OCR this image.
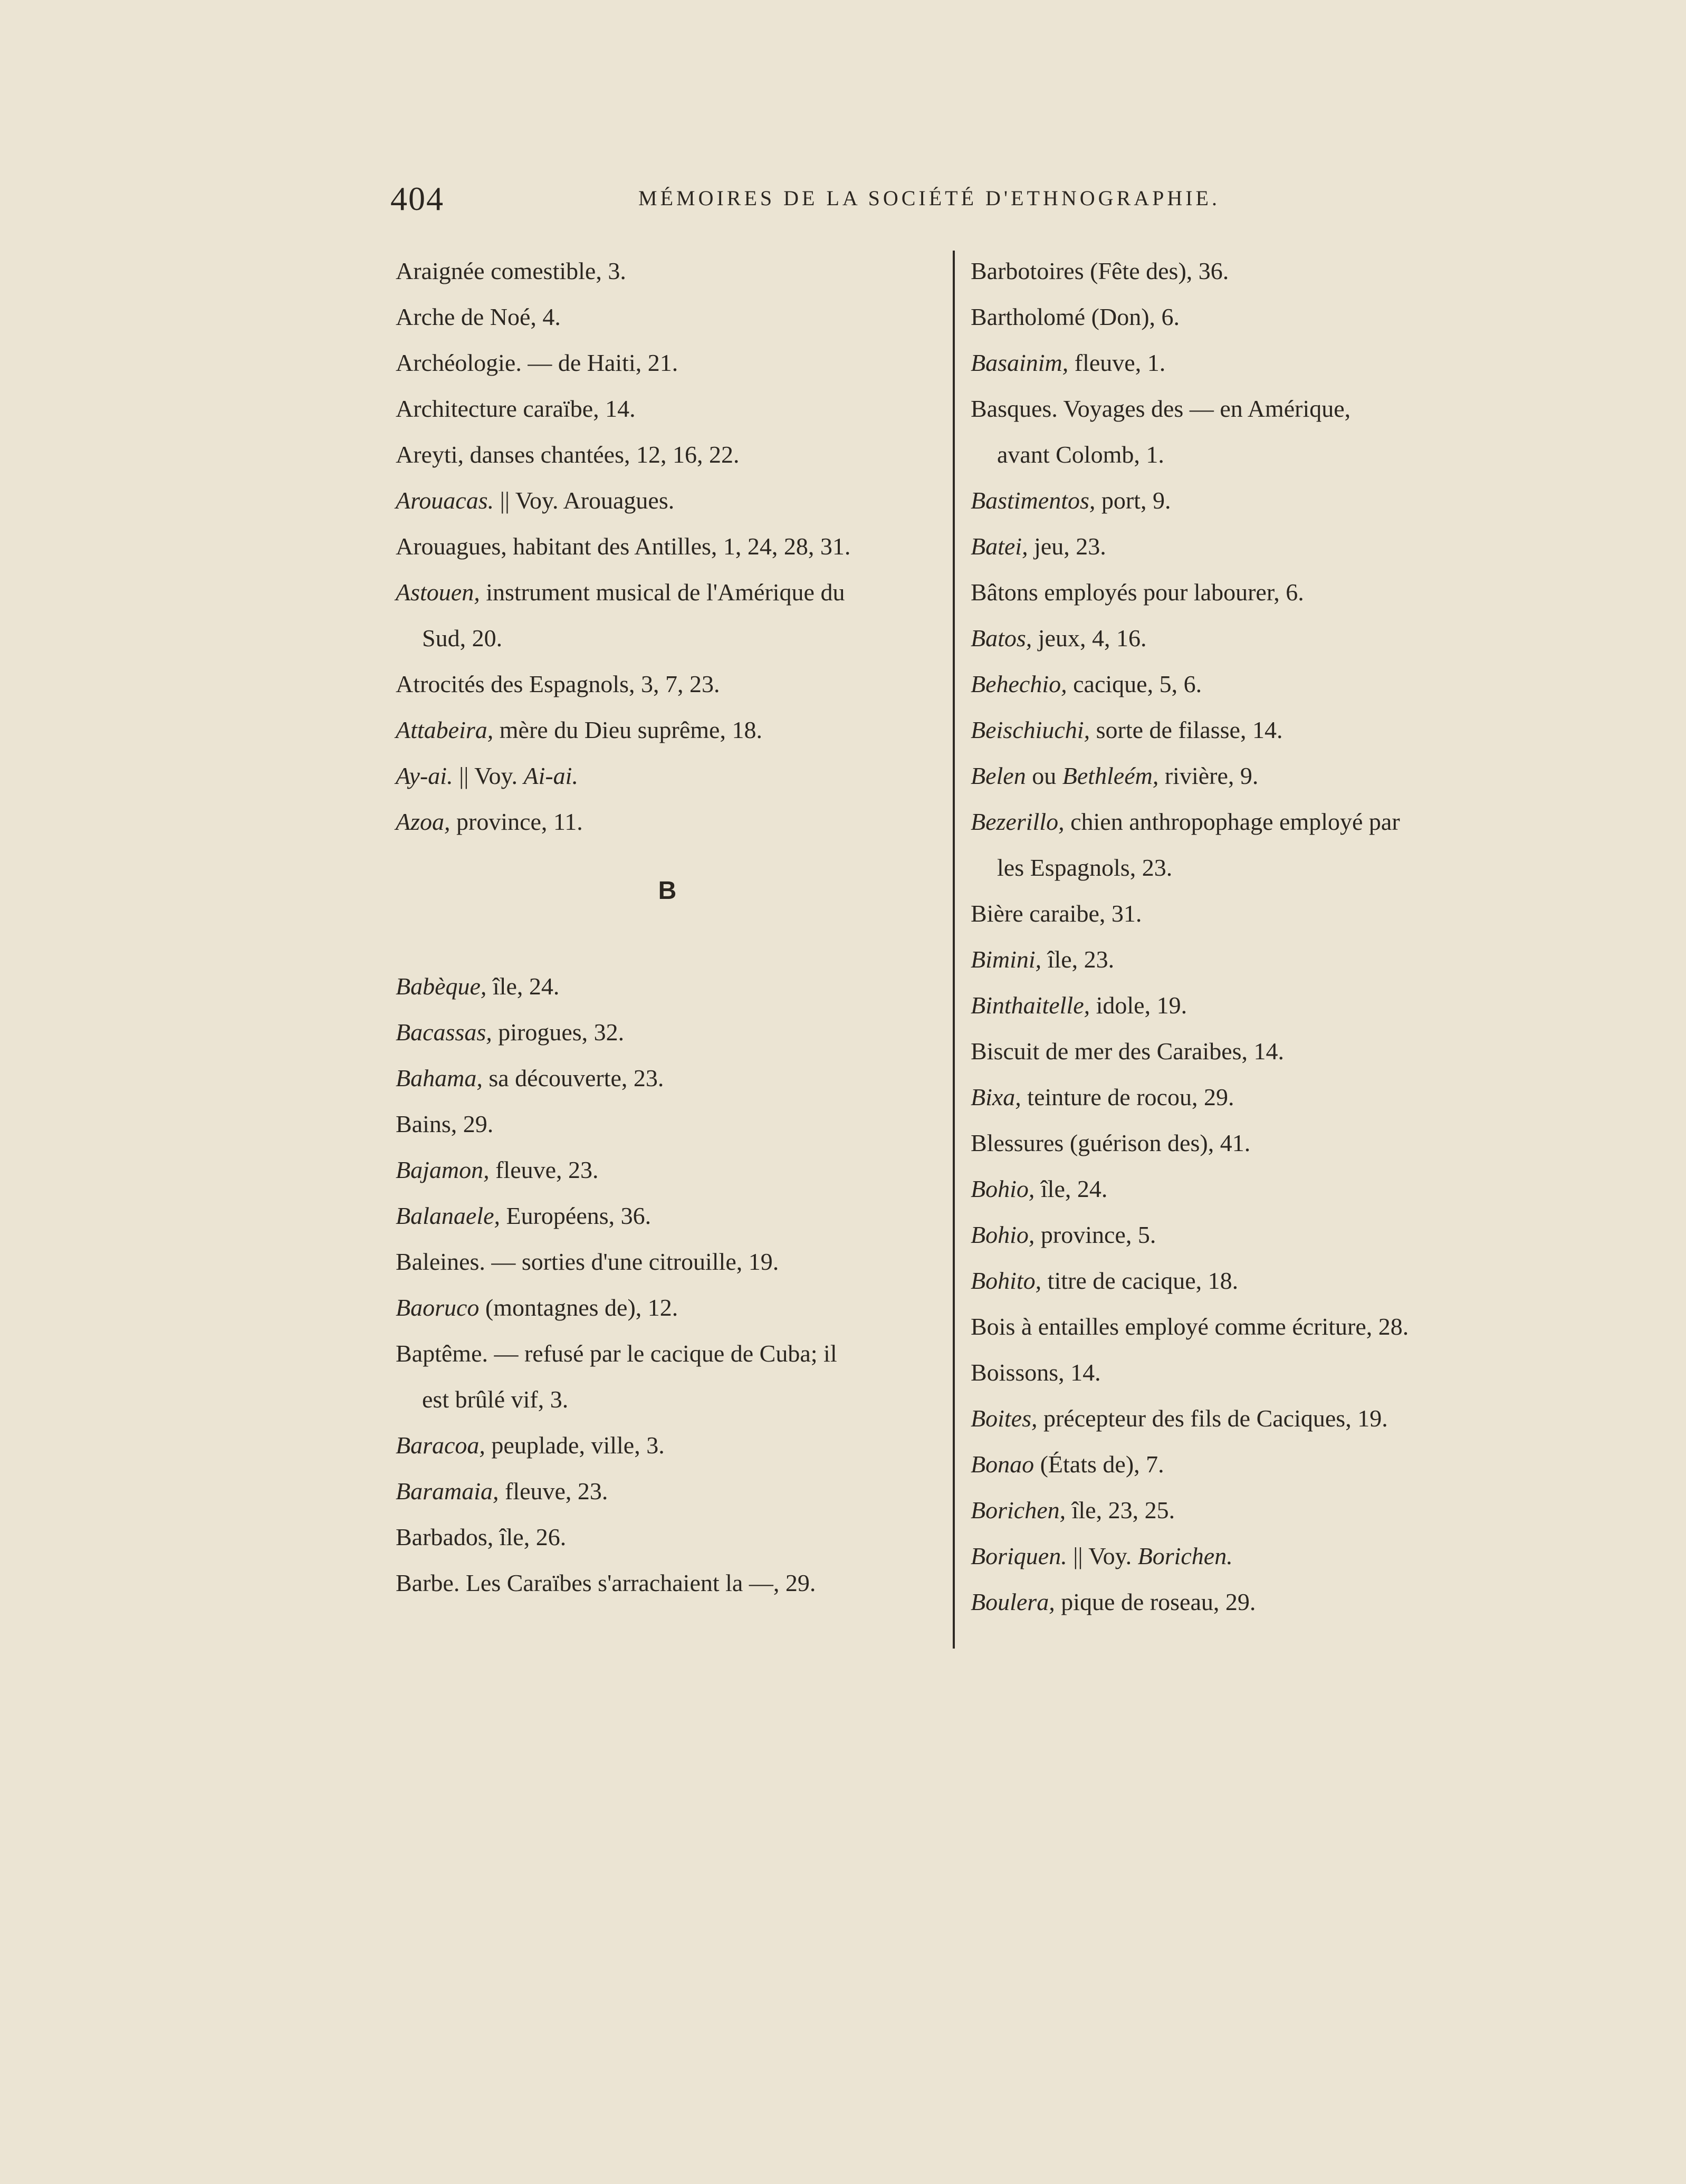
404	MÉMOIRES DE LA SOCIÉTÉ D'ETHNOGRAPHIE.
Araignée comestible, 3.
Arche de Noé, 4.
Archéologie. — de Haiti, 21.
Architecture caraïbe, 14.
Areyti, danses chantées, 12, 16, 22.
Arouacas. || Voy. Arouagues.
Arouagues, habitant des Antilles, 1, 24, 28, 31.
Astouen, instrument musical de l'Amérique du
Sud, 20.
Atrocités des Espagnols, 3, 7, 23.
Attabeira, mère du Dieu suprême, 18.
Ay-ai. || Voy. Ai-ai.
Azoa, province, 11.
B
Babèque, île, 24.
Bacassas, pirogues, 32.
Bahama, sa découverte, 23.
Bains, 29.
Bajamon, fleuve, 23.
Balanaele, Européens, 36.
Baleines. — sorties d'une citrouille, 19.
Baoruco (montagnes de), 12.
Baptême. — refusé par le cacique de Cuba; il
est brûlé vif, 3.
Baracoa, peuplade, ville, 3.
Baramaia, fleuve, 23.
Barbados, île, 26.
Barbe. Les Caraïbes s'arrachaient la —, 29.
Barbotoires (Fête des), 36.
Bartholomé (Don), 6.
Basainim, fleuve, 1.
Basques. Voyages des — en Amérique,
avant Colomb, 1.
Bastimentos, port, 9.
Batei, jeu, 23.
Bâtons employés pour labourer, 6.
Batos, jeux, 4, 16.
Behechio, cacique, 5, 6.
Beischiuchi, sorte de filasse, 14.
Belen ou Bethleém, rivière, 9.
Bezerillo, chien anthropophage employé par
les Espagnols, 23.
Bière caraibe, 31.
Bimini, île, 23.
Binthaitelle, idole, 19.
Biscuit de mer des Caraibes, 14.
Bixa, teinture de rocou, 29.
Blessures (guérison des), 41.
Bohio, île, 24.
Bohio, province, 5.
Bohito, titre de cacique, 18.
Bois à entailles employé comme écriture, 28.
Boissons, 14.
Boites, précepteur des fils de Caciques, 19.
Bonao (États de), 7.
Borichen, île, 23, 25.
Boriquen. || Voy. Borichen.
Boulera, pique de roseau, 29.
